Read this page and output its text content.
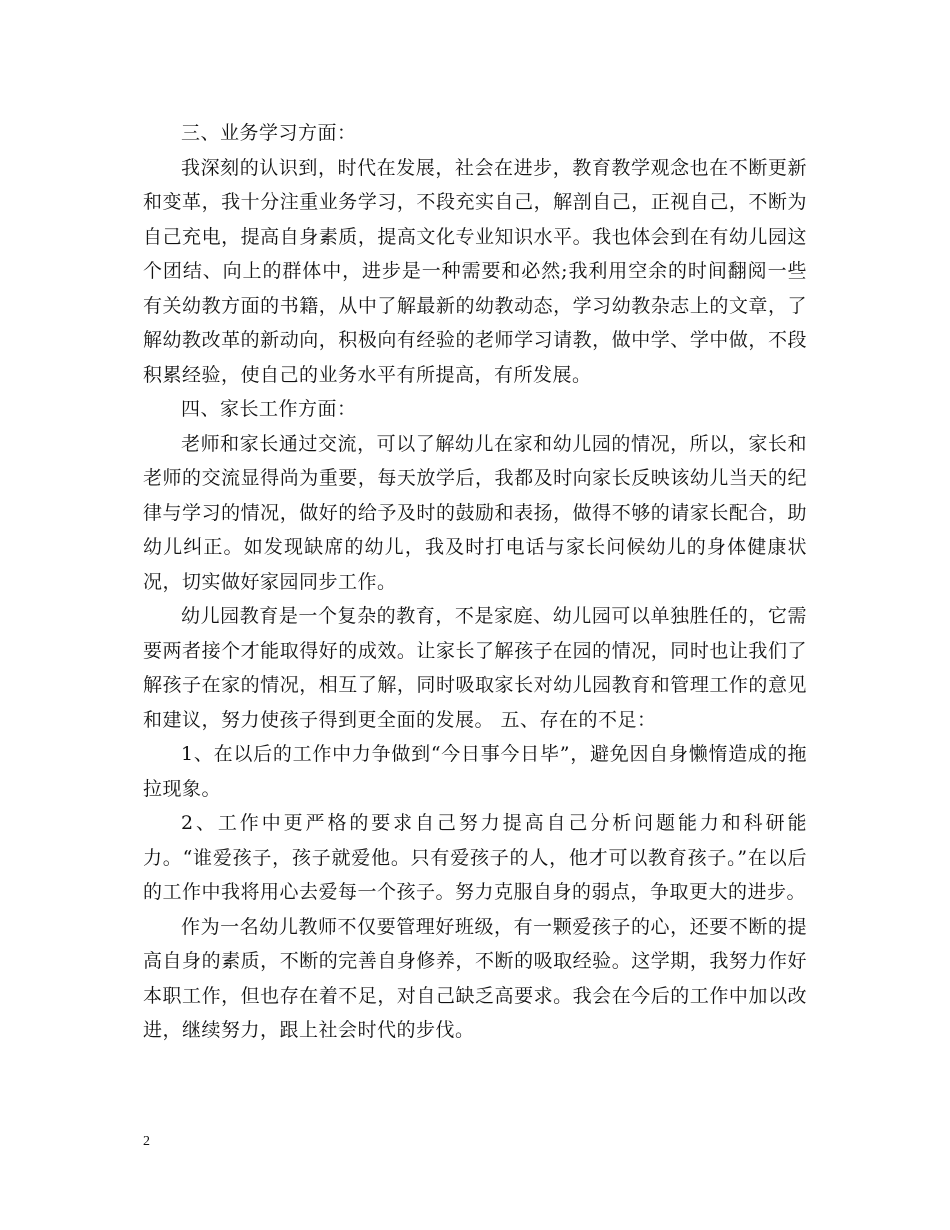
三、业务学习方面：

我深刻的认识到，时代在发展，社会在进步，教育教学观念也在不断更新和变革，我十分注重业务学习，不段充实自己，解剖自己，正视自己，不断为自己充电，提高自身素质，提高文化专业知识水平。我也体会到在有幼儿园这个团结、向上的群体中，进步是一种需要和必然;我利用空余的时间翻阅一些有关幼教方面的书籍，从中了解最新的幼教动态，学习幼教杂志上的文章，了解幼教改革的新动向，积极向有经验的老师学习请教，做中学、学中做，不段积累经验，使自己的业务水平有所提高，有所发展。

四、家长工作方面：

老师和家长通过交流，可以了解幼儿在家和幼儿园的情况，所以，家长和老师的交流显得尚为重要，每天放学后，我都及时向家长反映该幼儿当天的纪律与学习的情况，做好的给予及时的鼓励和表扬，做得不够的请家长配合，助幼儿纠正。如发现缺席的幼儿，我及时打电话与家长问候幼儿的身体健康状况，切实做好家园同步工作。

幼儿园教育是一个复杂的教育，不是家庭、幼儿园可以单独胜任的，它需要两者接个才能取得好的成效。让家长了解孩子在园的情况，同时也让我们了解孩子在家的情况，相互了解，同时吸取家长对幼儿园教育和管理工作的意见和建议，努力使孩子得到更全面的发展。 五、存在的不足：

1、在以后的工作中力争做到“今日事今日毕”，避免因自身懒惰造成的拖拉现象。

2、工作中更严格的要求自己努力提高自己分析问题能力和科研能力。“谁爱孩子，孩子就爱他。只有爱孩子的人，他才可以教育孩子。”在以后的工作中我将用心去爱每一个孩子。努力克服自身的弱点，争取更大的进步。

作为一名幼儿教师不仅要管理好班级，有一颗爱孩子的心，还要不断的提高自身的素质，不断的完善自身修养，不断的吸取经验。这学期，我努力作好本职工作，但也存在着不足，对自己缺乏高要求。我会在今后的工作中加以改进，继续努力，跟上社会时代的步伐。

2
